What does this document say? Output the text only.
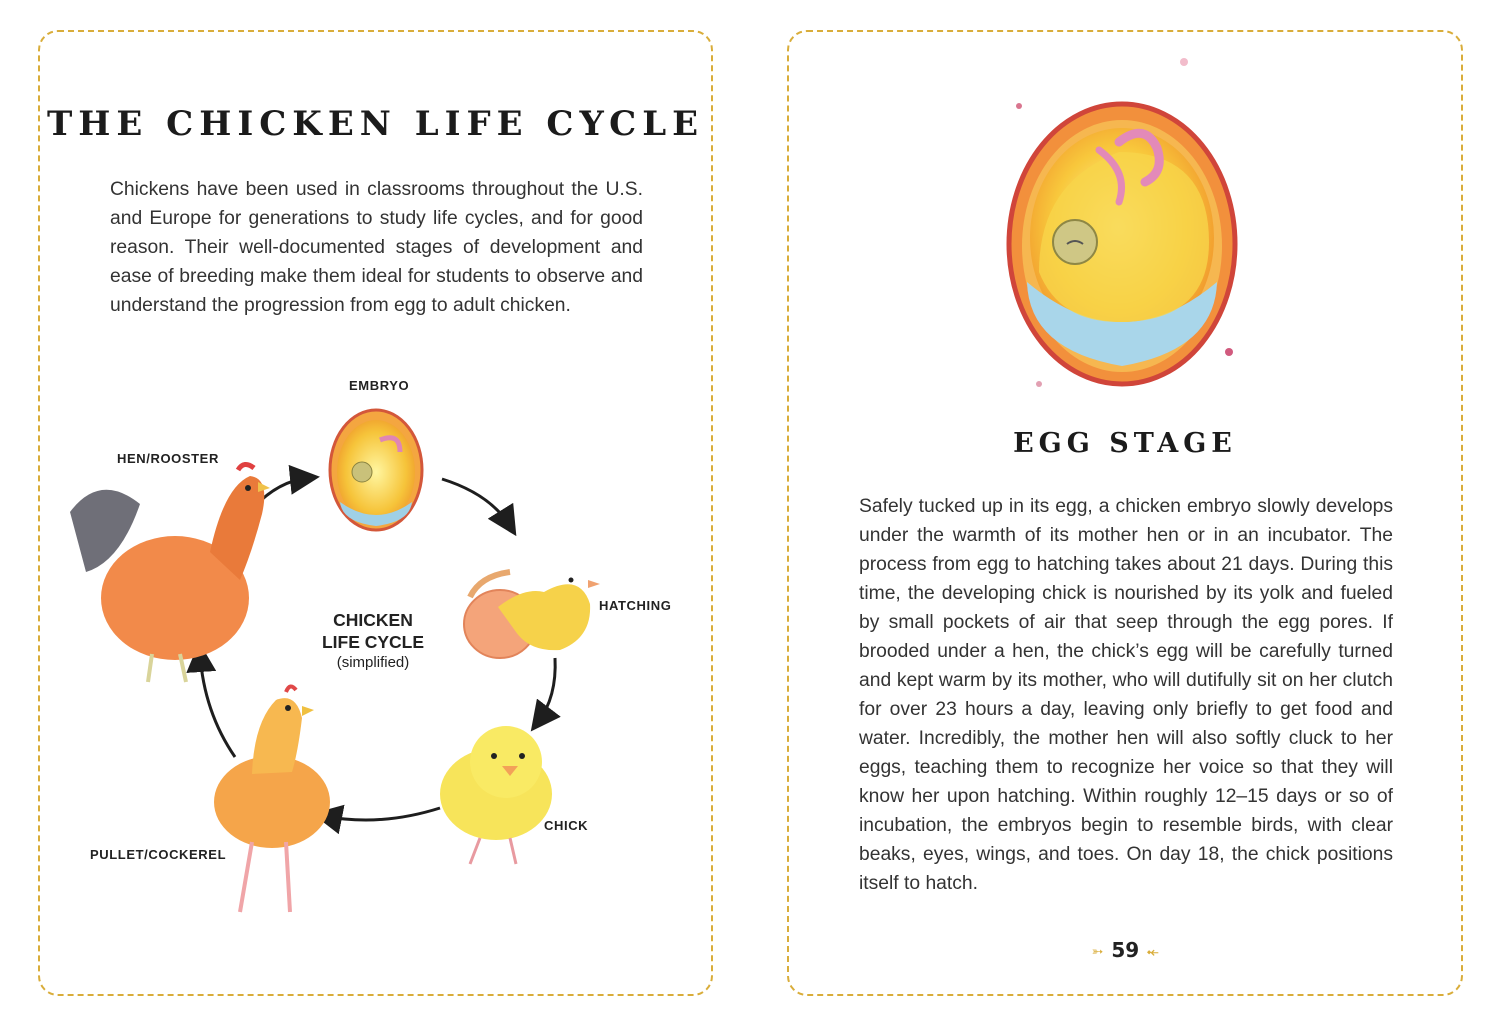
THE CHICKEN LIFE CYCLE

Chickens have been used in classrooms throughout the U.S. and Europe for generations to study life cycles, and for good reason. Their well-documented stages of development and ease of breeding make them ideal for students to observe and understand the progression from egg to adult chicken.

EMBRYO
HATCHING
CHICK
PULLET/COCKEREL
HEN/ROOSTER
CHICKEN
LIFE CYCLE
(simplified)
EGG STAGE

Safely tucked up in its egg, a chicken embryo slowly develops under the warmth of its mother hen or in an incubator. The process from egg to hatching takes about 21 days. During this time, the developing chick is nourished by its yolk and fueled by small pockets of air that seep through the egg pores. If brooded under a hen, the chick’s egg will be carefully turned and kept warm by its mother, who will dutifully sit on her clutch for over 23 hours a day, leaving only briefly to get food and water. Incredibly, the mother hen will also softly cluck to her eggs, teaching them to recognize her voice so that they will know her upon hatching. Within roughly 12–15 days or so of incubation, the embryos begin to resemble birds, with clear beaks, eyes, wings, and toes. On day 18, the chick positions itself to hatch.

➳ 59 ⤝
